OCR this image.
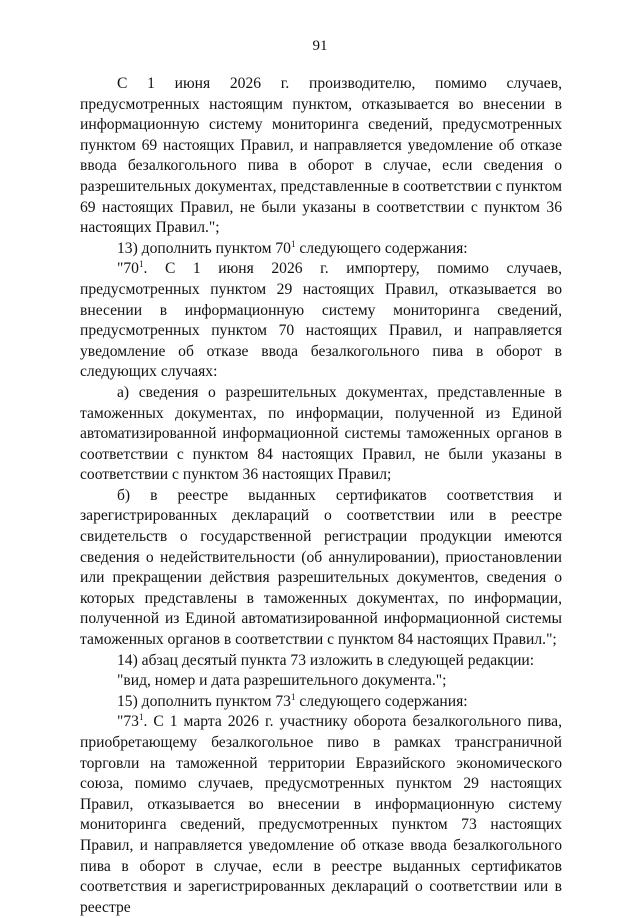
91

С 1 июня 2026 г. производителю, помимо случаев, предусмотренных настоящим пунктом, отказывается во внесении в информационную систему мониторинга сведений, предусмотренных пунктом 69 настоящих Правил, и направляется уведомление об отказе ввода безалкогольного пива в оборот в случае, если сведения о разрешительных документах, представленные в соответствии с пунктом 69 настоящих Правил, не были указаны в соответствии с пунктом 36 настоящих Правил.";

13) дополнить пунктом $70^1$ следующего содержания:

"$70^1$. С 1 июня 2026 г. импортеру, помимо случаев, предусмотренных пунктом 29 настоящих Правил, отказывается во внесении в информационную систему мониторинга сведений, предусмотренных пунктом 70 настоящих Правил, и направляется уведомление об отказе ввода безалкогольного пива в оборот в следующих случаях:

а) сведения о разрешительных документах, представленные в таможенных документах, по информации, полученной из Единой автоматизированной информационной системы таможенных органов в соответствии с пунктом 84 настоящих Правил, не были указаны в соответствии с пунктом 36 настоящих Правил;

б) в реестре выданных сертификатов соответствия и зарегистрированных деклараций о соответствии или в реестре свидетельств о государственной регистрации продукции имеются сведения о недействительности (об аннулировании), приостановлении или прекращении действия разрешительных документов, сведения о которых представлены в таможенных документах, по информации, полученной из Единой автоматизированной информационной системы таможенных органов в соответствии с пунктом 84 настоящих Правил.";

14) абзац десятый пункта 73 изложить в следующей редакции:

"вид, номер и дата разрешительного документа.";

15) дополнить пунктом $73^1$ следующего содержания:

"$73^1$. С 1 марта 2026 г. участнику оборота безалкогольного пива, приобретающему безалкогольное пиво в рамках трансграничной торговли на таможенной территории Евразийского экономического союза, помимо случаев, предусмотренных пунктом 29 настоящих Правил, отказывается во внесении в информационную систему мониторинга сведений, предусмотренных пунктом 73 настоящих Правил, и направляется уведомление об отказе ввода безалкогольного пива в оборот в случае, если в реестре выданных сертификатов соответствия и зарегистрированных деклараций о соответствии или в реестре
